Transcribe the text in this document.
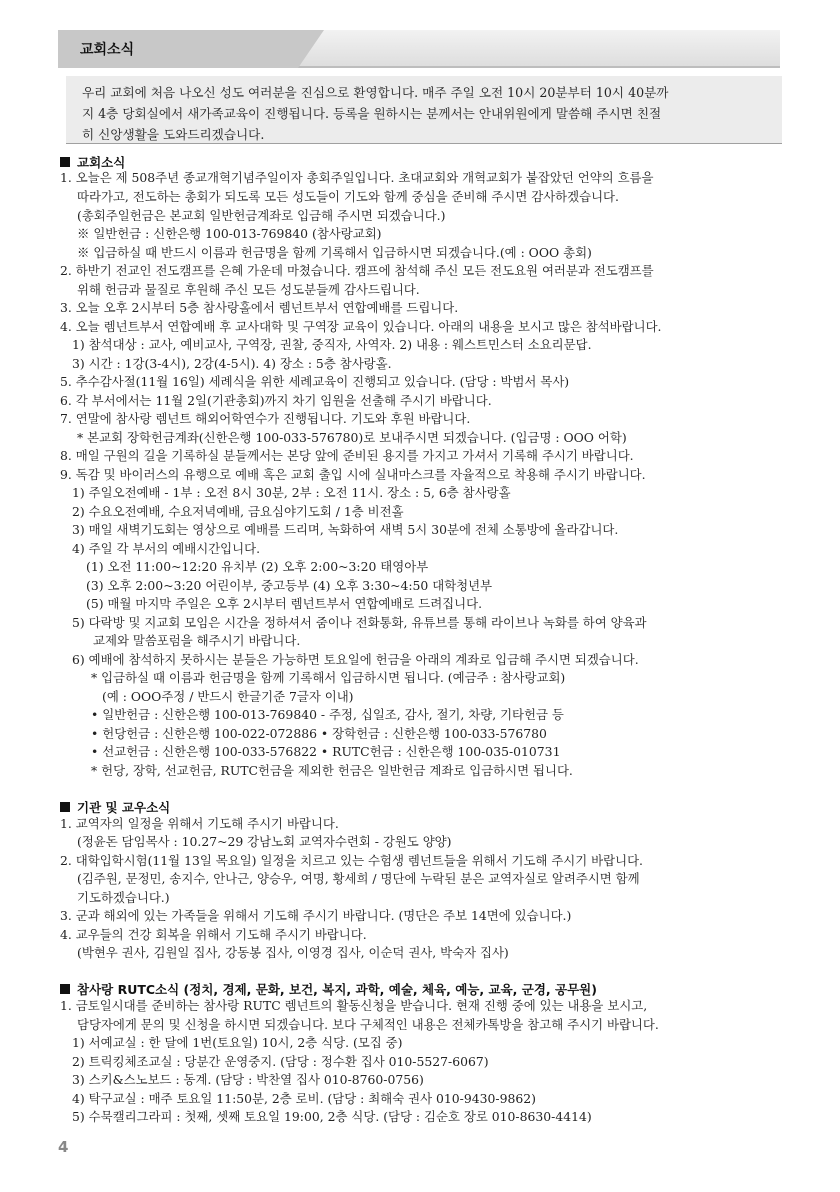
교회소식
우리 교회에 처음 나오신 성도 여러분을 진심으로 환영합니다. 매주 주일 오전 10시 20분부터 10시 40분까
지 4층 당회실에서 새가족교육이 진행됩니다. 등록을 원하시는 분께서는 안내위원에게 말씀해 주시면 친절
히 신앙생활을 도와드리겠습니다.
교회소식
1. 오늘은 제 508주년 종교개혁기념주일이자 총회주일입니다. 초대교회와 개혁교회가 붙잡았던 언약의 흐름을
따라가고, 전도하는 총회가 되도록 모든 성도들이 기도와 함께 중심을 준비해 주시면 감사하겠습니다.
(총회주일헌금은 본교회 일반헌금계좌로 입금해 주시면 되겠습니다.)
※ 일반헌금 : 신한은행 100-013-769840 (참사랑교회)
※ 입금하실 때 반드시 이름과 헌금명을 함께 기록해서 입금하시면 되겠습니다.(예 : OOO 총회)
2. 하반기 전교인 전도캠프를 은혜 가운데 마쳤습니다. 캠프에 참석해 주신 모든 전도요원 여러분과 전도캠프를
위해 헌금과 물질로 후원해 주신 모든 성도분들께 감사드립니다.
3. 오늘 오후 2시부터 5층 참사랑홀에서 렘넌트부서 연합예배를 드립니다.
4. 오늘 렘넌트부서 연합예배 후 교사대학 및 구역장 교육이 있습니다. 아래의 내용을 보시고 많은 참석바랍니다.
1) 참석대상 : 교사, 예비교사, 구역장, 권찰, 중직자, 사역자. 2) 내용 : 웨스트민스터 소요리문답.
3) 시간 : 1강(3-4시), 2강(4-5시). 4) 장소 : 5층 참사랑홀.
5. 추수감사절(11월 16일) 세례식을 위한 세례교육이 진행되고 있습니다. (담당 : 박범서 목사)
6. 각 부서에서는 11월 2일(기관총회)까지 차기 임원을 선출해 주시기 바랍니다.
7. 연말에 참사랑 렘넌트 해외어학연수가 진행됩니다. 기도와 후원 바랍니다.
* 본교회 장학헌금계좌(신한은행 100-033-576780)로 보내주시면 되겠습니다. (입금명 : OOO 어학)
8. 매일 구원의 길을 기록하실 분들께서는 본당 앞에 준비된 용지를 가지고 가셔서 기록해 주시기 바랍니다.
9. 독감 및 바이러스의 유행으로 예배 혹은 교회 출입 시에 실내마스크를 자율적으로 착용해 주시기 바랍니다.
1) 주일오전예배 - 1부 : 오전 8시 30분, 2부 : 오전 11시. 장소 : 5, 6층 참사랑홀
2) 수요오전예배, 수요저녁예배, 금요심야기도회 / 1층 비전홀
3) 매일 새벽기도회는 영상으로 예배를 드리며, 녹화하여 새벽 5시 30분에 전체 소통방에 올라갑니다.
4) 주일 각 부서의 예배시간입니다.
(1) 오전 11:00~12:20 유치부 (2) 오후 2:00~3:20 태영아부
(3) 오후 2:00~3:20 어린이부, 중고등부 (4) 오후 3:30~4:50 대학청년부
(5) 매월 마지막 주일은 오후 2시부터 렘넌트부서 연합예배로 드려집니다.
5) 다락방 및 지교회 모임은 시간을 정하셔서 줌이나 전화통화, 유튜브를 통해 라이브나 녹화를 하여 양육과
교제와 말씀포럼을 해주시기 바랍니다.
6) 예배에 참석하지 못하시는 분들은 가능하면 토요일에 헌금을 아래의 계좌로 입금해 주시면 되겠습니다.
* 입금하실 때 이름과 헌금명을 함께 기록해서 입금하시면 됩니다. (예금주 : 참사랑교회)
(예 : OOO주정 / 반드시 한글기준 7글자 이내)
• 일반헌금 : 신한은행 100-013-769840 - 주정, 십일조, 감사, 절기, 차량, 기타헌금 등
• 헌당헌금 : 신한은행 100-022-072886 • 장학헌금 : 신한은행 100-033-576780
• 선교헌금 : 신한은행 100-033-576822 • RUTC헌금 : 신한은행 100-035-010731
* 헌당, 장학, 선교헌금, RUTC헌금을 제외한 헌금은 일반헌금 계좌로 입금하시면 됩니다.
기관 및 교우소식
1. 교역자의 일정을 위해서 기도해 주시기 바랍니다.
(정윤돈 담임목사 : 10.27~29 강남노회 교역자수련회 - 강원도 양양)
2. 대학입학시험(11월 13일 목요일) 일정을 치르고 있는 수험생 렘넌트들을 위해서 기도해 주시기 바랍니다.
(김주원, 문정민, 송지수, 안나근, 양승우, 여명, 황세희 / 명단에 누락된 분은 교역자실로 알려주시면 함께
기도하겠습니다.)
3. 군과 해외에 있는 가족들을 위해서 기도해 주시기 바랍니다. (명단은 주보 14면에 있습니다.)
4. 교우들의 건강 회복을 위해서 기도해 주시기 바랍니다.
(박현우 권사, 김원일 집사, 강동봉 집사, 이영경 집사, 이순덕 권사, 박숙자 집사)
참사랑 RUTC소식 (정치, 경제, 문화, 보건, 복지, 과학, 예술, 체육, 예능, 교육, 군경, 공무원)
1. 금토일시대를 준비하는 참사랑 RUTC 렘넌트의 활동신청을 받습니다. 현재 진행 중에 있는 내용을 보시고,
담당자에게 문의 및 신청을 하시면 되겠습니다. 보다 구체적인 내용은 전체카톡방을 참고해 주시기 바랍니다.
1) 서예교실 : 한 달에 1번(토요일) 10시, 2층 식당. (모집 중)
2) 트릭킹체조교실 : 당분간 운영중지. (담당 : 정수환 집사 010-5527-6067)
3) 스키&스노보드 : 동계. (담당 : 박찬열 집사 010-8760-0756)
4) 탁구교실 : 매주 토요일 11:50분, 2층 로비. (담당 : 최해숙 권사 010-9430-9862)
5) 수묵캘리그라피 : 첫째, 셋째 토요일 19:00, 2층 식당. (담당 : 김순호 장로 010-8630-4414)
4
